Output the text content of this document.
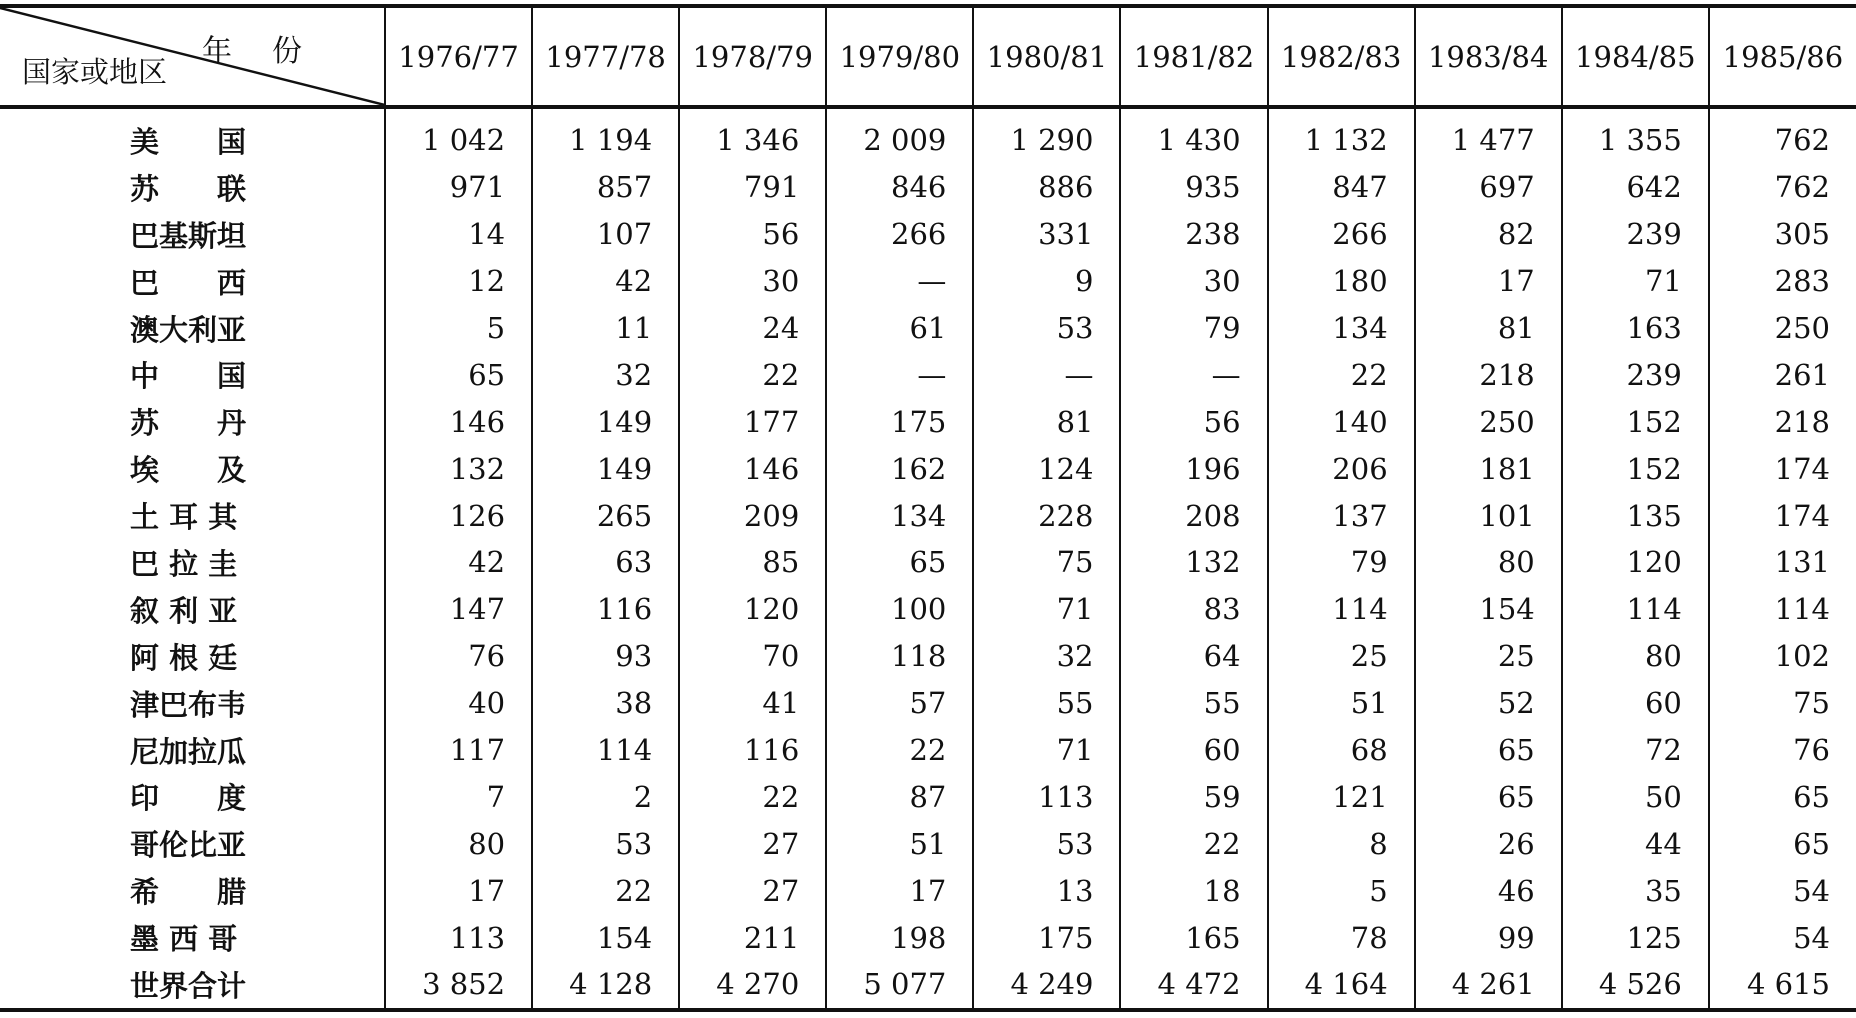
年份
国家或地区	1976/77	1977/78	1978/79	1979/80	1980/81	1981/82	1982/83	1983/84	1984/85	1985/86
美　　国	1 042	1 194	1 346	2 009	1 290	1 430	1 132	1 477	1 355	762
苏　　联	971	857	791	846	886	935	847	697	642	762
巴基斯坦	14	107	56	266	331	238	266	82	239	305
巴　　西	12	42	30	—	9	30	180	17	71	283
澳大利亚	5	11	24	61	53	79	134	81	163	250
中　　国	65	32	22	—	—	—	22	218	239	261
苏　　丹	146	149	177	175	81	56	140	250	152	218
埃　　及	132	149	146	162	124	196	206	181	152	174
土 耳 其	126	265	209	134	228	208	137	101	135	174
巴 拉 圭	42	63	85	65	75	132	79	80	120	131
叙 利 亚	147	116	120	100	71	83	114	154	114	114
阿 根 廷	76	93	70	118	32	64	25	25	80	102
津巴布韦	40	38	41	57	55	55	51	52	60	75
尼加拉瓜	117	114	116	22	71	60	68	65	72	76
印　　度	7	2	22	87	113	59	121	65	50	65
哥伦比亚	80	53	27	51	53	22	8	26	44	65
希　　腊	17	22	27	17	13	18	5	46	35	54
墨 西 哥	113	154	211	198	175	165	78	99	125	54
世界合计	3 852	4 128	4 270	5 077	4 249	4 472	4 164	4 261	4 526	4 615
